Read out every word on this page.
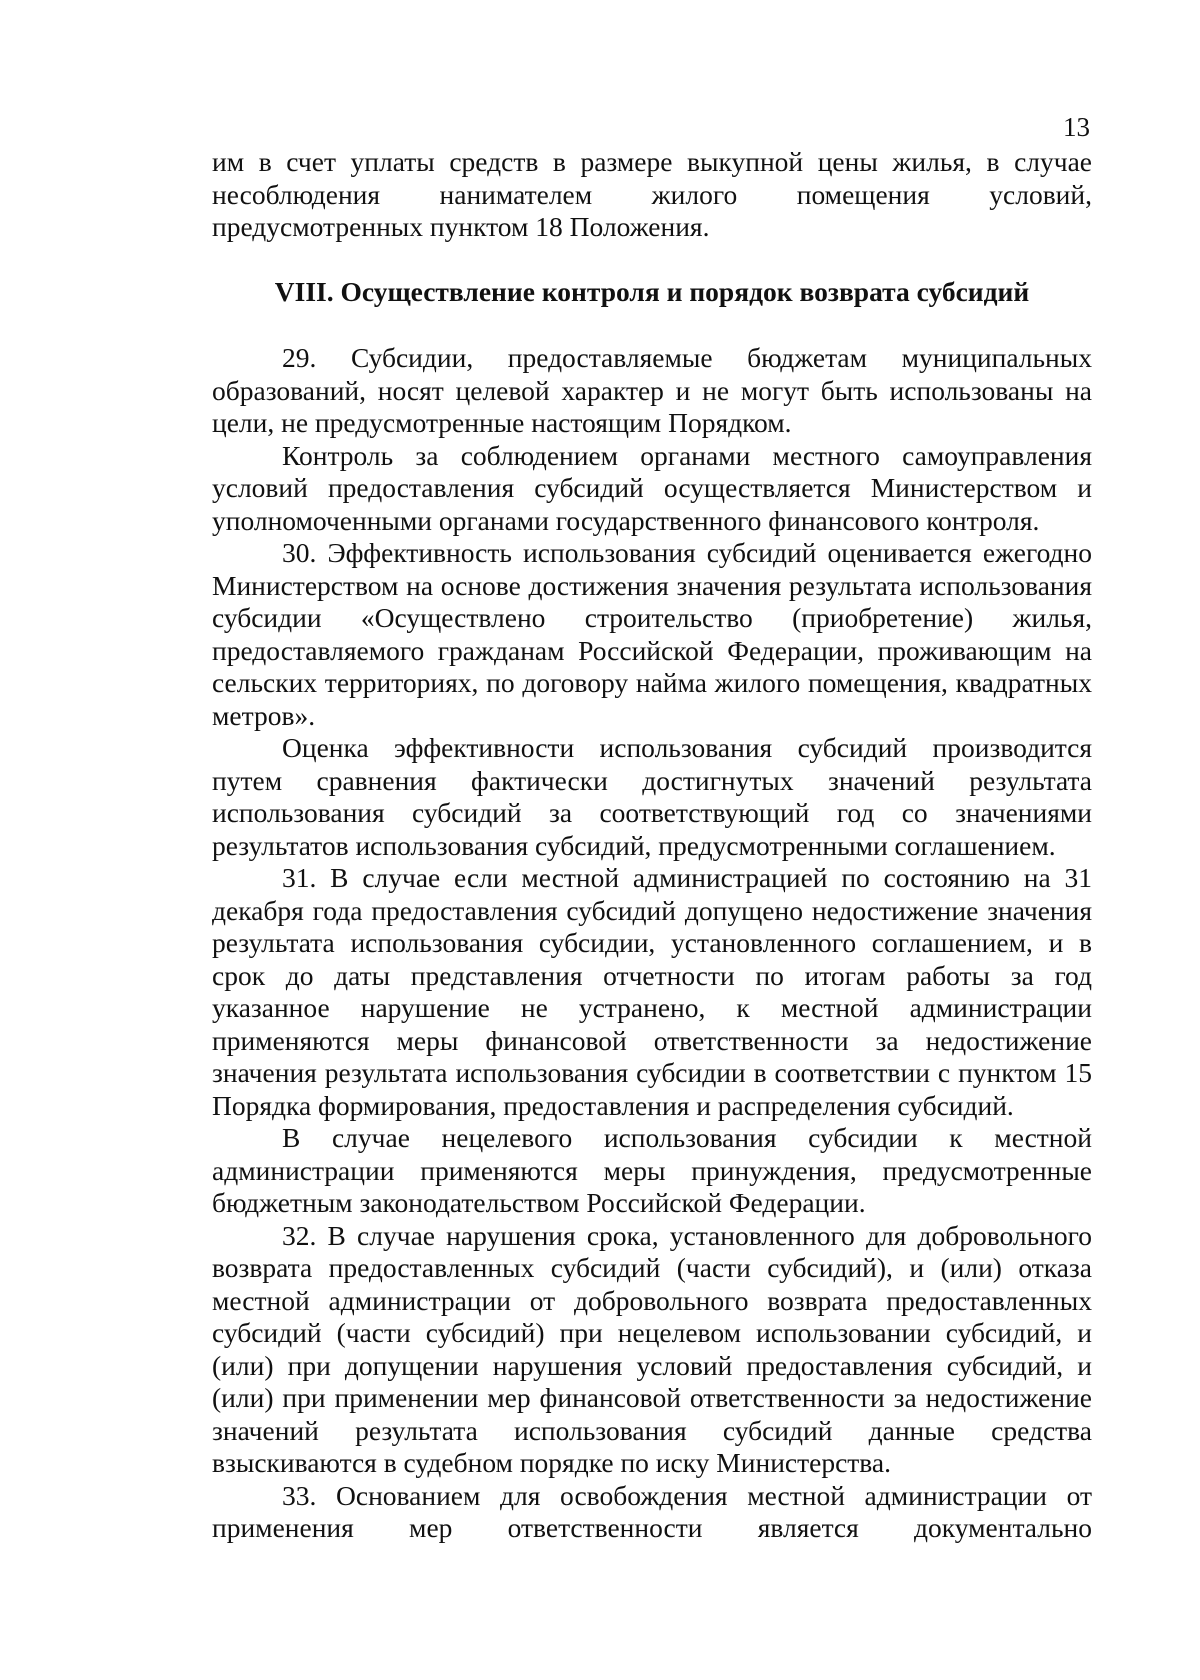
13

им в счет уплаты средств в размере выкупной цены жилья, в случае несоблюдения нанимателем жилого помещения условий, предусмотренных пунктом 18 Положения.

VIII. Осуществление контроля и порядок возврата субсидий

29. Субсидии, предоставляемые бюджетам муниципальных образований, носят целевой характер и не могут быть использованы на цели, не предусмотренные настоящим Порядком.

Контроль за соблюдением органами местного самоуправления условий предоставления субсидий осуществляется Министерством и уполномоченными органами государственного финансового контроля.

30. Эффективность использования субсидий оценивается ежегодно Министерством на основе достижения значения результата использования субсидии «Осуществлено строительство (приобретение) жилья, предоставляемого гражданам Российской Федерации, проживающим на сельских территориях, по договору найма жилого помещения, квадратных метров».

Оценка эффективности использования субсидий производится путем сравнения фактически достигнутых значений результата использования субсидий за соответствующий год со значениями результатов использования субсидий, предусмотренными соглашением.

31. В случае если местной администрацией по состоянию на 31 декабря года предоставления субсидий допущено недостижение значения результата использования субсидии, установленного соглашением, и в срок до даты представления отчетности по итогам работы за год указанное нарушение не устранено, к местной администрации применяются меры финансовой ответственности за недостижение значения результата использования субсидии в соответствии с пунктом 15 Порядка формирования, предоставления и распределения субсидий.

В случае нецелевого использования субсидии к местной администрации применяются меры принуждения, предусмотренные бюджетным законодательством Российской Федерации.

32. В случае нарушения срока, установленного для добровольного возврата предоставленных субсидий (части субсидий), и (или) отказа местной администрации от добровольного возврата предоставленных субсидий (части субсидий) при нецелевом использовании субсидий, и (или) при допущении нарушения условий предоставления субсидий, и (или) при применении мер финансовой ответственности за недостижение значений результата использования субсидий данные средства взыскиваются в судебном порядке по иску Министерства.

33. Основанием для освобождения местной администрации от применения мер ответственности является документально
